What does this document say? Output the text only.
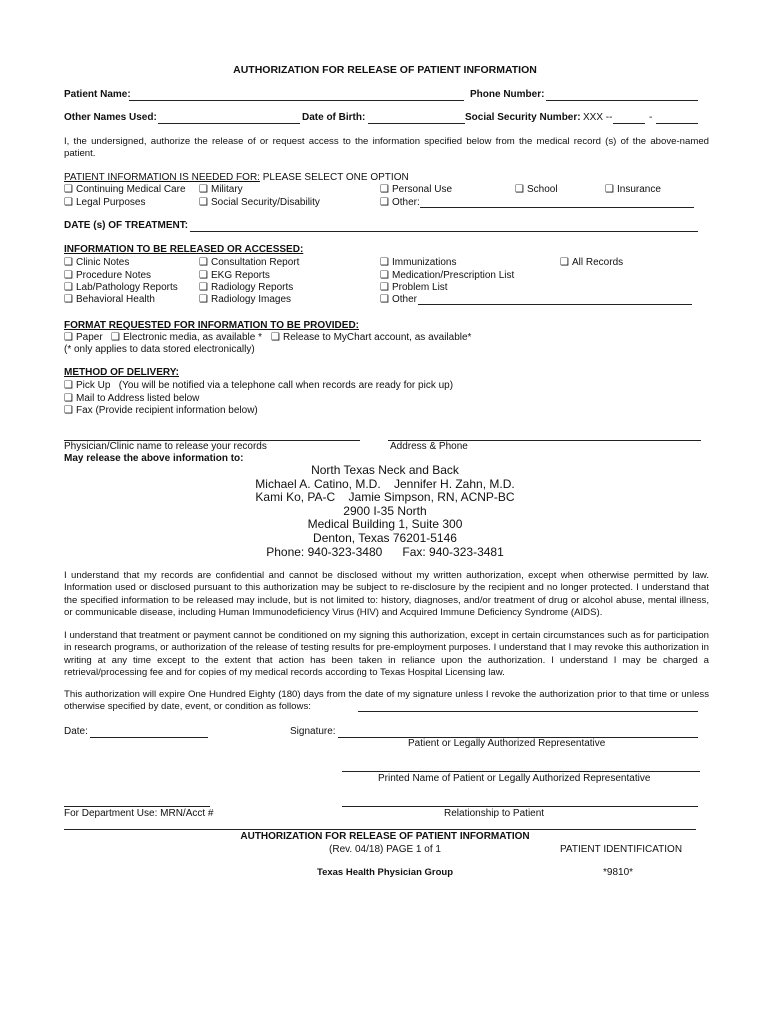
AUTHORIZATION FOR RELEASE OF PATIENT INFORMATION
Patient Name:	Phone Number:
Other Names Used:	Date of Birth:	Social Security Number: XXX --	-
I, the undersigned, authorize the release of or request access to the information specified below from the medical record (s) of the above-named patient.
PATIENT INFORMATION IS NEEDED FOR: PLEASE SELECT ONE OPTION
❑ Continuing Medical Care ❑ Military	❑ Personal Use	❑ School	❑ Insurance
❑ Legal Purposes	❑ Social Security/Disability	❑ Other:
DATE (s) OF TREATMENT:
INFORMATION TO BE RELEASED OR ACCESSED:
❑ Clinic Notes
❑ Procedure Notes
❑ Lab/Pathology Reports
❑ Behavioral Health
❑ Consultation Report
❑ EKG Reports
❑ Radiology Reports
❑ Radiology Images
❑ Immunizations
❑ Medication/Prescription List
❑ Problem List
❑ Other
❑ All Records
FORMAT REQUESTED FOR INFORMATION TO BE PROVIDED:
❑ Paper ❑ Electronic media, as available * ❑ Release to MyChart account, as available*
(* only applies to data stored electronically)
METHOD OF DELIVERY:
❑ Pick Up   (You will be notified via a telephone call when records are ready for pick up)
❑ Mail to Address listed below
❑ Fax (Provide recipient information below)
Physician/Clinic name to release your records	Address & Phone
May release the above information to:
North Texas Neck and Back
Michael A. Catino, M.D.    Jennifer H. Zahn, M.D.
Kami Ko, PA-C    Jamie Simpson, RN, ACNP-BC
2900 I-35 North
Medical Building 1, Suite 300
Denton, Texas 76201-5146
Phone: 940-323-3480 Fax: 940-323-3481
I understand that my records are confidential and cannot be disclosed without my written authorization, except when otherwise permitted by law. Information used or disclosed pursuant to this authorization may be subject to re-disclosure by the recipient and no longer protected. I understand that the specified information to be released may include, but is not limited to: history, diagnoses, and/or treatment of drug or alcohol abuse, mental illness, or communicable disease, including Human Immunodeficiency Virus (HIV) and Acquired Immune Deficiency Syndrome (AIDS).
I understand that treatment or payment cannot be conditioned on my signing this authorization, except in certain circumstances such as for participation in research programs, or authorization of the release of testing results for pre-employment purposes. I understand that I may revoke this authorization in writing at any time except to the extent that action has been taken in reliance upon the authorization. I understand I may be charged a retrieval/processing fee and for copies of my medical records according to Texas Hospital Licensing law.
This authorization will expire One Hundred Eighty (180) days from the date of my signature unless I revoke the authorization prior to that time or unless otherwise specified by date, event, or condition as follows:
Date:	Signature:
Patient or Legally Authorized Representative
Printed Name of Patient or Legally Authorized Representative
For Department Use: MRN/Acct #	Relationship to Patient
AUTHORIZATION FOR RELEASE OF PATIENT INFORMATION
(Rev. 04/18) PAGE 1 of 1	PATIENT IDENTIFICATION
Texas Health Physician Group	*9810*
